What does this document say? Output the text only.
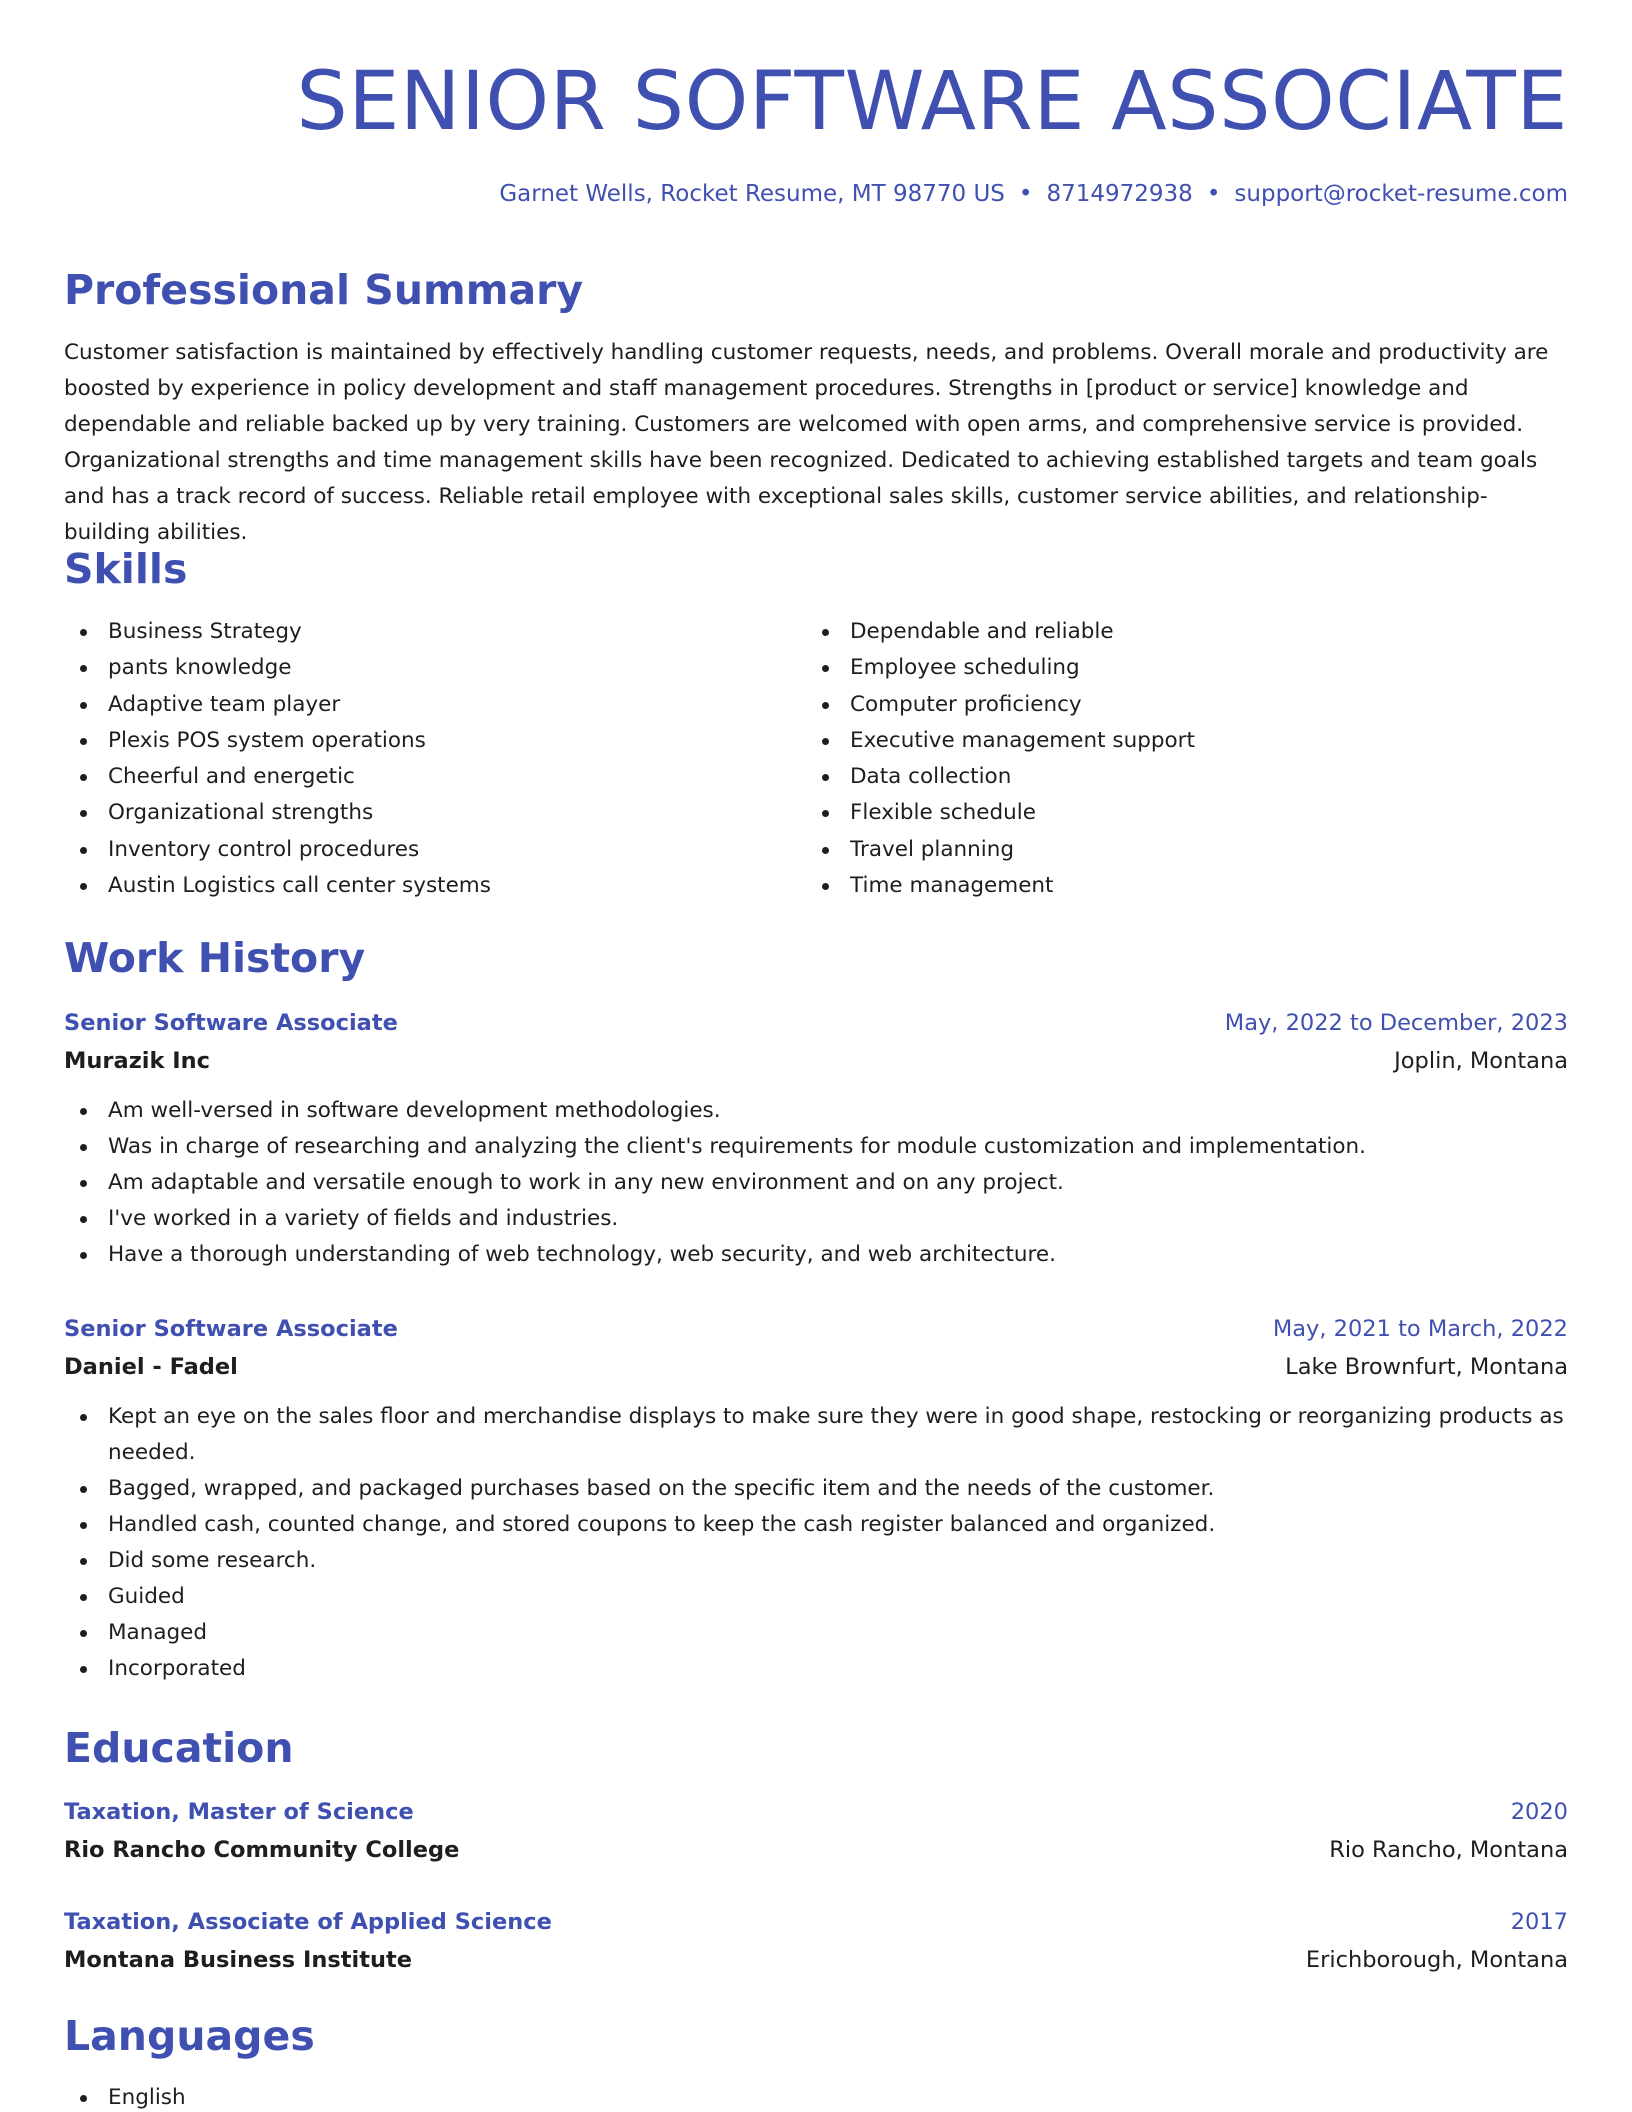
SENIOR SOFTWARE ASSOCIATE
Garnet Wells, Rocket Resume, MT 98770 US • 8714972938 • support@rocket-resume.com
Professional Summary

Customer satisfaction is maintained by effectively handling customer requests, needs, and problems. Overall morale and productivity are boosted by experience in policy development and staff management procedures. Strengths in [product or service] knowledge and dependable and reliable backed up by very training. Customers are welcomed with open arms, and comprehensive service is provided. Organizational strengths and time management skills have been recognized. Dedicated to achieving established targets and team goals and has a track record of success. Reliable retail employee with exceptional sales skills, customer service abilities, and relationship-building abilities.

Skills
Business Strategy
pants knowledge
Adaptive team player
Plexis POS system operations
Cheerful and energetic
Organizational strengths
Inventory control procedures
Austin Logistics call center systems
Dependable and reliable
Employee scheduling
Computer proficiency
Executive management support
Data collection
Flexible schedule
Travel planning
Time management
Work History
Senior Software Associate	May, 2022 to December, 2023
Murazik Inc	Joplin, Montana
Am well-versed in software development methodologies.
Was in charge of researching and analyzing the client's requirements for module customization and implementation.
Am adaptable and versatile enough to work in any new environment and on any project.
I've worked in a variety of fields and industries.
Have a thorough understanding of web technology, web security, and web architecture.
Senior Software Associate	May, 2021 to March, 2022
Daniel - Fadel	Lake Brownfurt, Montana
Kept an eye on the sales floor and merchandise displays to make sure they were in good shape, restocking or reorganizing products as needed.
Bagged, wrapped, and packaged purchases based on the specific item and the needs of the customer.
Handled cash, counted change, and stored coupons to keep the cash register balanced and organized.
Did some research.
Guided
Managed
Incorporated
Education
Taxation, Master of Science	2020
Rio Rancho Community College	Rio Rancho, Montana
Taxation, Associate of Applied Science	2017
Montana Business Institute	Erichborough, Montana
Languages
English
